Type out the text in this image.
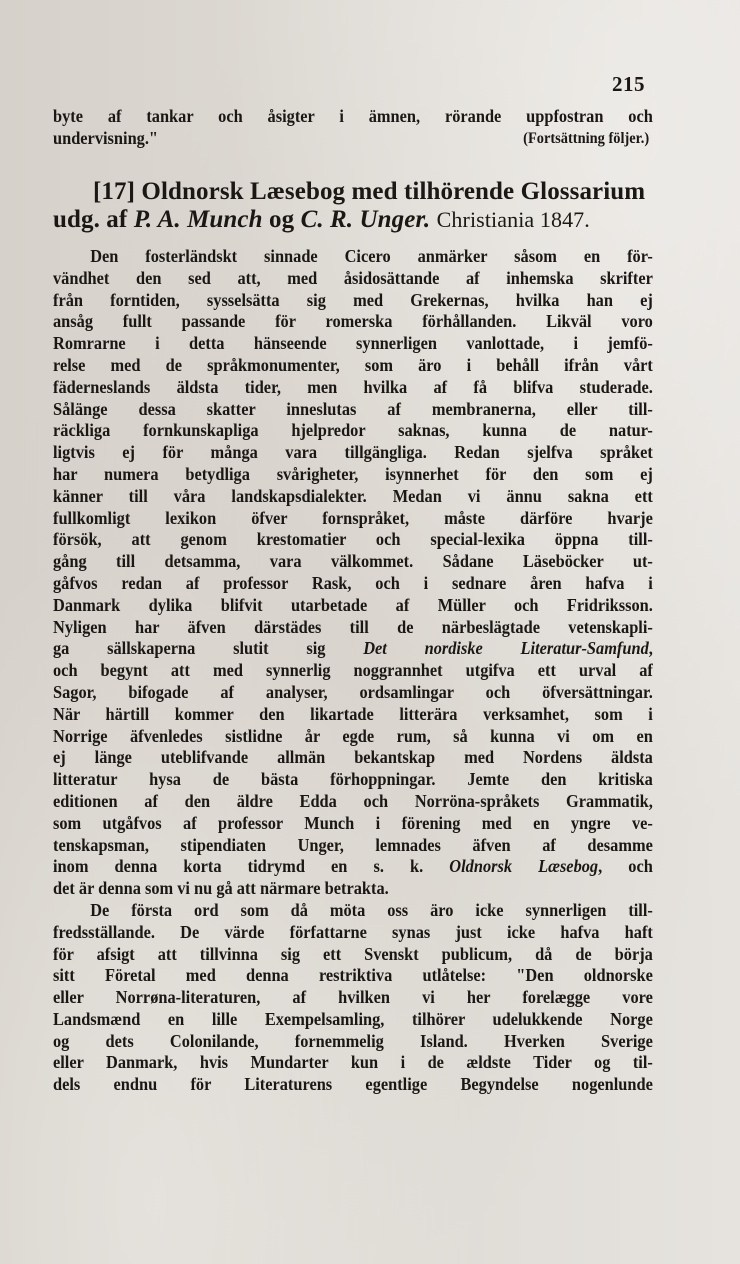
215
byte af tankar och åsigter i ämnen, rörande uppfostran och
undervisning."	(Fortsättning följer.)
[17] Oldnorsk Læsebog med tilhörende Glossarium
udg. af P. A. Munch og C. R. Unger. Christiania 1847.
Den fosterländskt sinnade Cicero anmärker såsom en för-
vändhet den sed att, med åsidosättande af inhemska skrifter
från forntiden, sysselsätta sig med Grekernas, hvilka han ej
ansåg fullt passande för romerska förhållanden. Likväl voro
Romrarne i detta hänseende synnerligen vanlottade, i jemfö-
relse med de språkmonumenter, som äro i behåll ifrån vårt
fäderneslands äldsta tider, men hvilka af få blifva studerade.
Sålänge dessa skatter inneslutas af membranerna, eller till-
räckliga fornkunskapliga hjelpredor saknas, kunna de natur-
ligtvis ej för många vara tillgängliga. Redan sjelfva språket
har numera betydliga svårigheter, isynnerhet för den som ej
känner till våra landskapsdialekter. Medan vi ännu sakna ett
fullkomligt lexikon öfver fornspråket, måste därföre hvarje
försök, att genom krestomatier och special-lexika öppna till-
gång till detsamma, vara välkommet. Sådane Läseböcker ut-
gåfvos redan af professor Rask, och i sednare åren hafva i
Danmark dylika blifvit utarbetade af Müller och Fridriksson.
Nyligen har äfven därstädes till de närbeslägtade vetenskapli-
ga sällskaperna slutit sig Det nordiske Literatur-Samfund,
och begynt att med synnerlig noggrannhet utgifva ett urval af
Sagor, bifogade af analyser, ordsamlingar och öfversättningar.
När härtill kommer den likartade litterära verksamhet, som i
Norrige äfvenledes sistlidne år egde rum, så kunna vi om en
ej länge uteblifvande allmän bekantskap med Nordens äldsta
litteratur hysa de bästa förhoppningar. Jemte den kritiska
editionen af den äldre Edda och Norröna-språkets Grammatik,
som utgåfvos af professor Munch i förening med en yngre ve-
tenskapsman, stipendiaten Unger, lemnades äfven af desamme
inom denna korta tidrymd en s. k. Oldnorsk Læsebog, och
det är denna som vi nu gå att närmare betrakta.
De första ord som då möta oss äro icke synnerligen till-
fredsställande. De värde författarne synas just icke hafva haft
för afsigt att tillvinna sig ett Svenskt publicum, då de börja
sitt Företal med denna restriktiva utlåtelse: "Den oldnorske
eller Norrøna-literaturen, af hvilken vi her forelægge vore
Landsmænd en lille Exempelsamling, tilhörer udelukkende Norge
og dets Colonilande, fornemmelig Island. Hverken Sverige
eller Danmark, hvis Mundarter kun i de ældste Tider og til-
dels endnu för Literaturens egentlige Begyndelse nogenlunde
